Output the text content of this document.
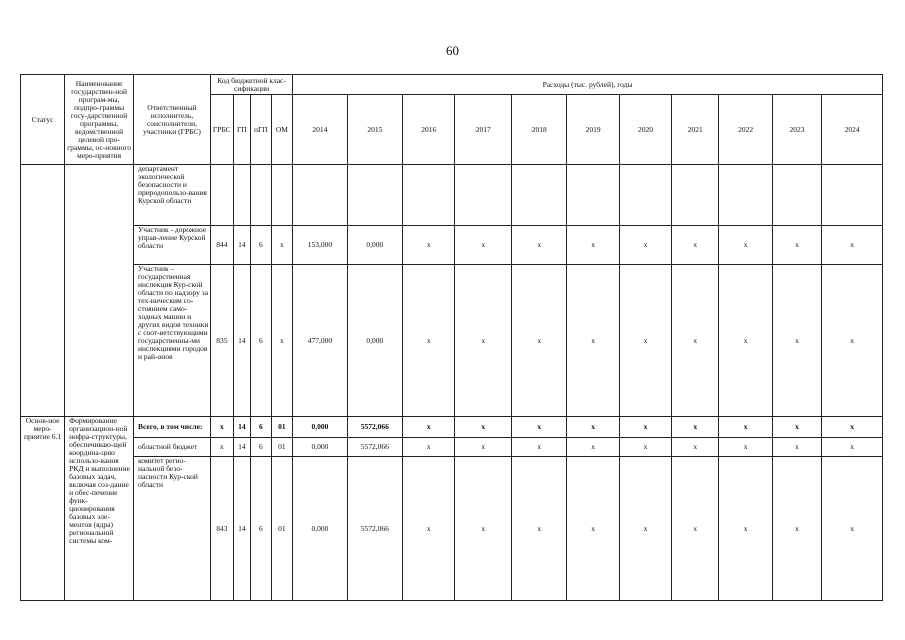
60
Статус	Наименование государствен-ной програм-мы, подпро-граммы госу-дарственной программы, ведомственной целевой про-граммы, ос-новного меро-приятия	Ответственный исполнитель, соисполнители, участники (ГРБС)	Код бюджетной клас-сификации				Расходы (тыс. рублей), годы										
			ГРБС	ГП	пГП	ОМ	2014	2015	2016	2017	2018	2019	2020	2021	2022	2023	2024
		департамент экологической безопасности и природопользо-вания Курской области															
		Участник - дорожное управ-ление Курской области	844	14	6	х	153,000	0,000	х	х	х	х	х	х	х	х	х
		Участник – государственная инспекция Кур-ской области по надзору за тех-ническим со-стоянием само-ходных машин и других видов техники с соот-ветствующими государственны-ми инспекциями городов и рай-онов	835	14	6	х	477,000	0,000	х	х	х	х	х	х	х	х	х
Основ-ное меро-приятие 6.1	Формирование организацион-ной инфра-структуры, обеспечиваю-щей координа-цию использо-вания РКД и выполнение базовых задач, включая соз-дание и обес-печение функ-ционирования базовых эле-ментов (ядра) региональной системы ком-	Всего, в том числе:	х	14	6	01	0,000	5572,066	х	х	х	х	х	х	х	х	х
		областной бюджет	х	14	6	01	0,000	5572,066	х	х	х	х	х	х	х	х	х
		комитет регио-нальной безо-пасности Кур-ской области	843	14	6	01	0,000	5572,066	х	х	х	х	х	х	х	х	х
